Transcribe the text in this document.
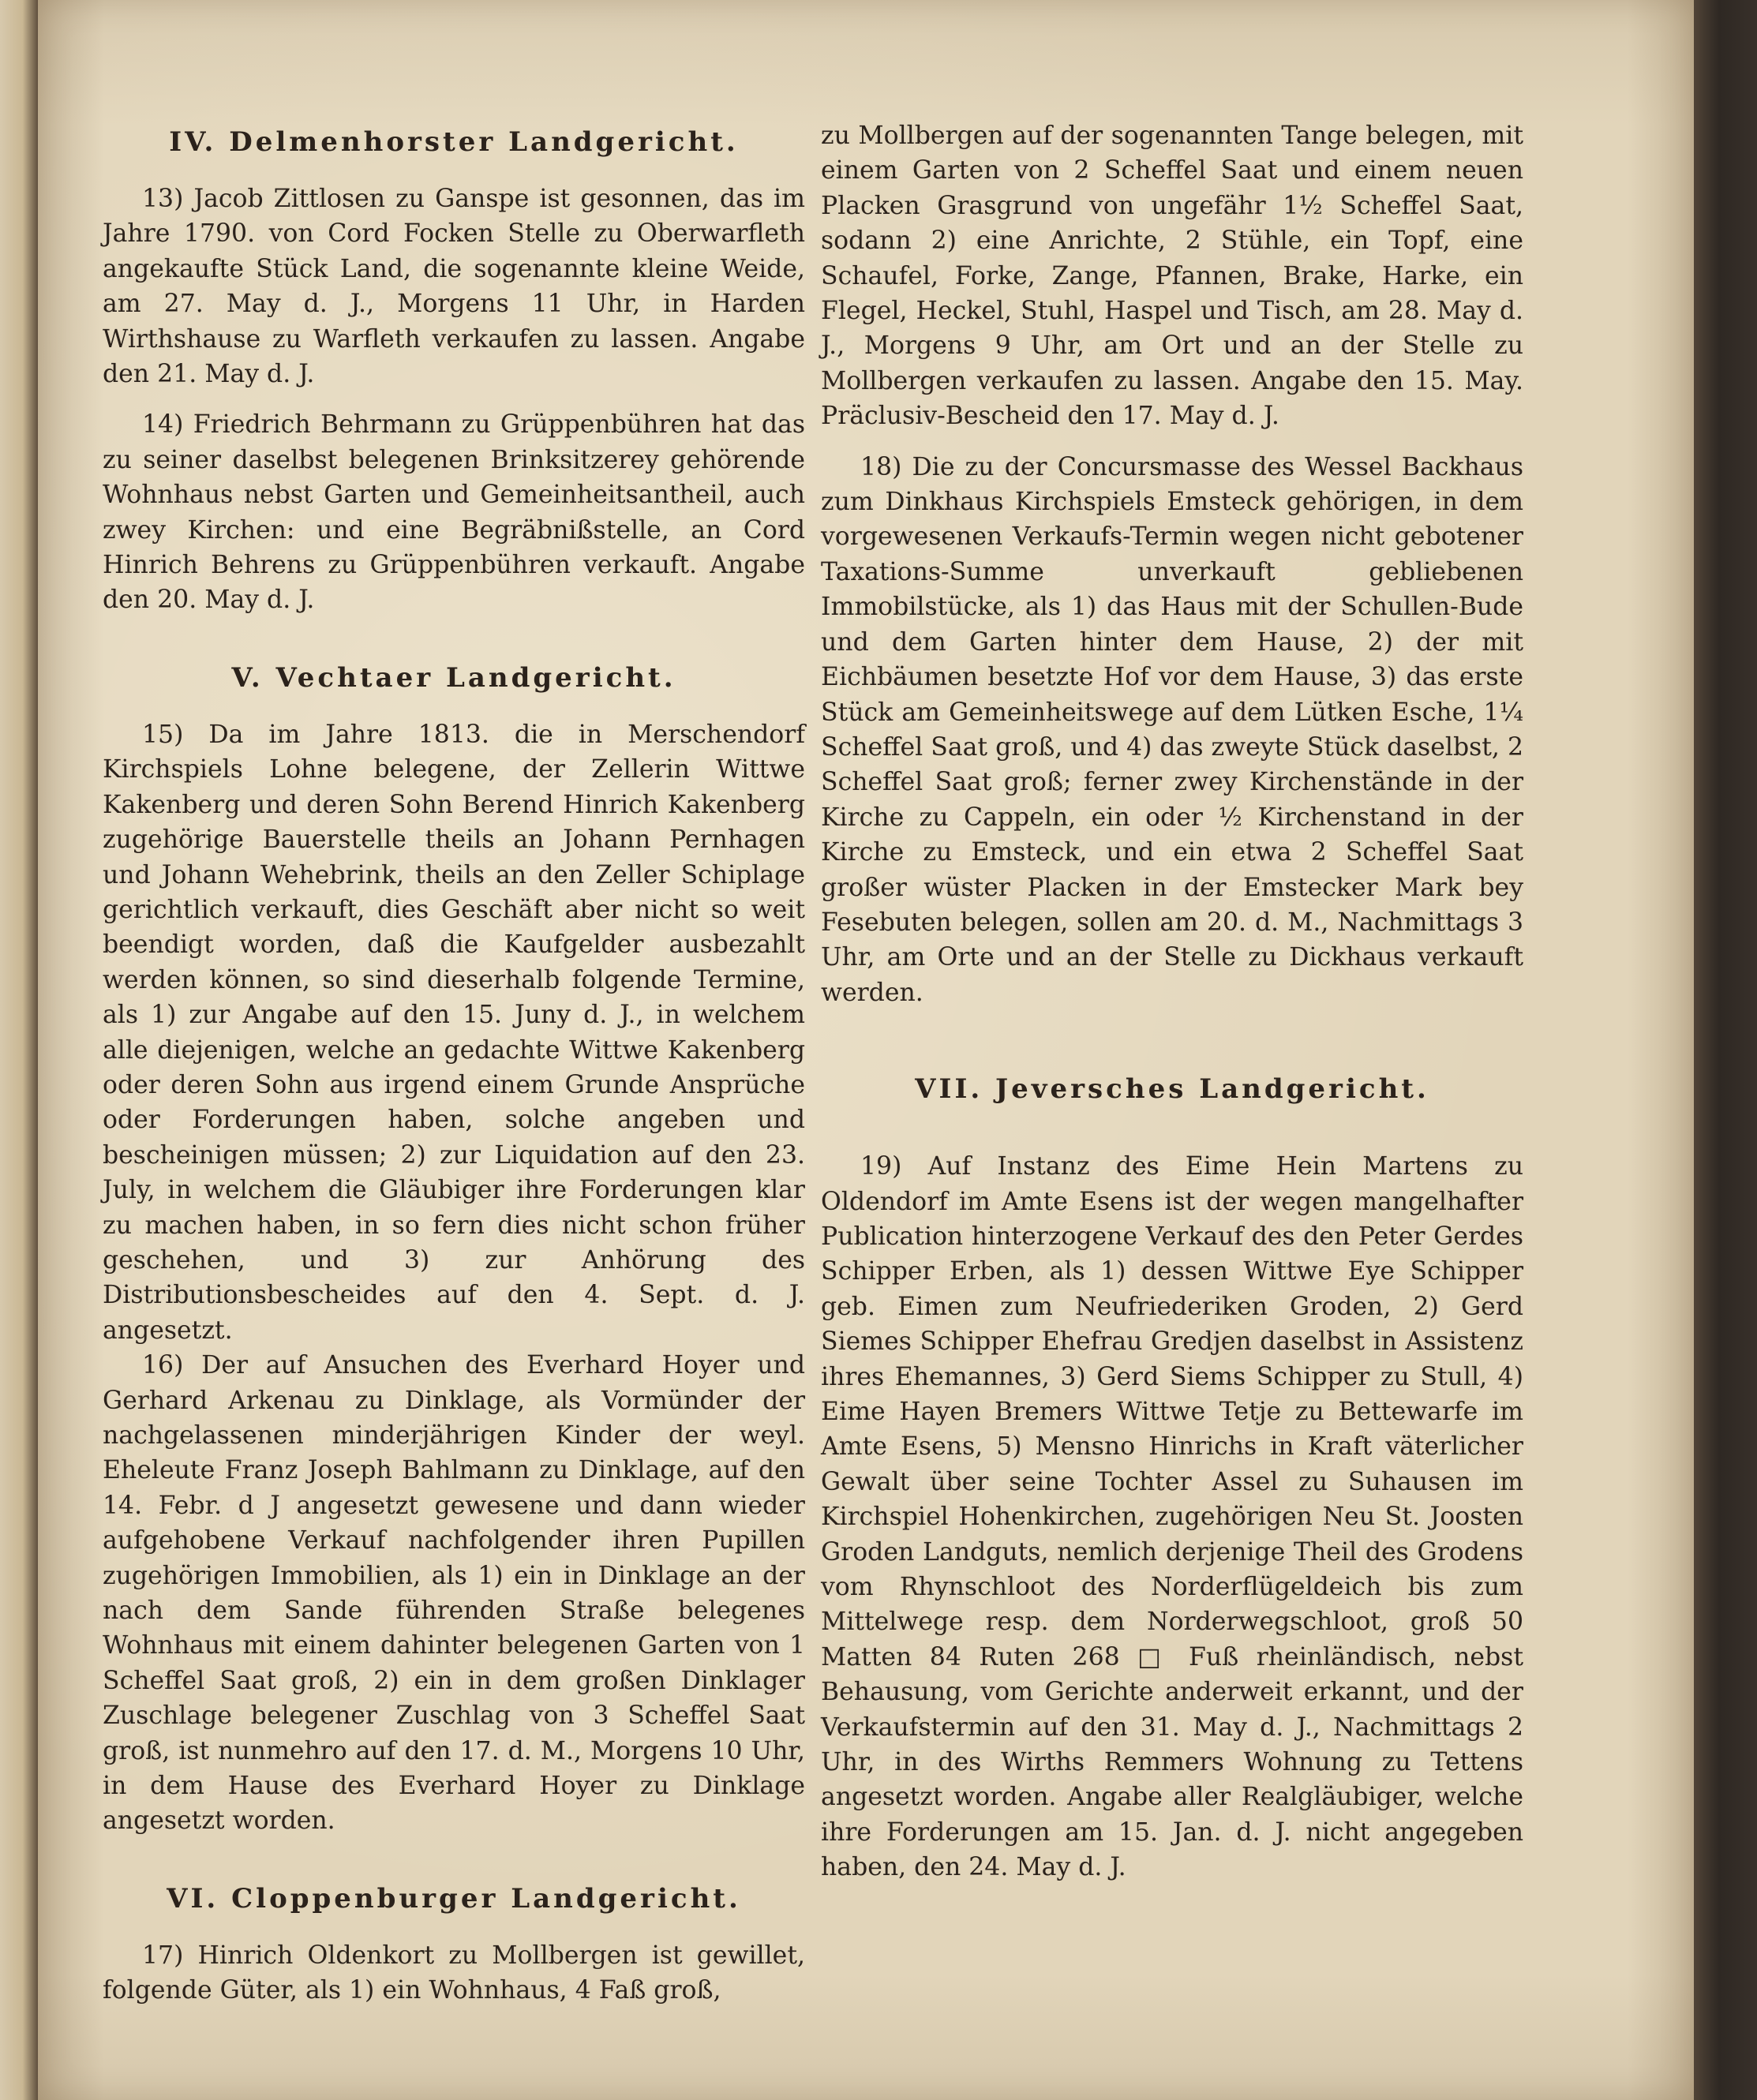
IV. Delmenhorster Landgericht.

13) Jacob Zittlosen zu Ganspe ist gesonnen, das im Jahre 1790. von Cord Focken Stelle zu Oberwarfleth angekaufte Stück Land, die sogenannte kleine Weide, am 27. May d. J., Morgens 11 Uhr, in Harden Wirthshause zu Warfleth verkaufen zu lassen. Angabe den 21. May d. J.

14) Friedrich Behrmann zu Grüppenbühren hat das zu seiner daselbst belegenen Brinksitzerey gehörende Wohnhaus nebst Garten und Gemeinheitsantheil, auch zwey Kirchen: und eine Begräbnißstelle, an Cord Hinrich Behrens zu Grüppenbühren verkauft. Angabe den 20. May d. J.

V. Vechtaer Landgericht.

15) Da im Jahre 1813. die in Merschendorf Kirchspiels Lohne belegene, der Zellerin Wittwe Kakenberg und deren Sohn Berend Hinrich Kakenberg zugehörige Bauerstelle theils an Johann Pernhagen und Johann Wehebrink, theils an den Zeller Schiplage gerichtlich verkauft, dies Geschäft aber nicht so weit beendigt worden, daß die Kaufgelder ausbezahlt werden können, so sind dieserhalb folgende Termine, als 1) zur Angabe auf den 15. Juny d. J., in welchem alle diejenigen, welche an gedachte Wittwe Kakenberg oder deren Sohn aus irgend einem Grunde Ansprüche oder Forderungen haben, solche angeben und bescheinigen müssen; 2) zur Liquidation auf den 23. July, in welchem die Gläubiger ihre Forderungen klar zu machen haben, in so fern dies nicht schon früher geschehen, und 3) zur Anhörung des Distributionsbescheides auf den 4. Sept. d. J. angesetzt.

16) Der auf Ansuchen des Everhard Hoyer und Gerhard Arkenau zu Dinklage, als Vormünder der nachgelassenen minderjährigen Kinder der weyl. Eheleute Franz Joseph Bahlmann zu Dinklage, auf den 14. Febr. d J angesetzt gewesene und dann wieder aufgehobene Verkauf nachfolgender ihren Pupillen zugehörigen Immobilien, als 1) ein in Dinklage an der nach dem Sande führenden Straße belegenes Wohnhaus mit einem dahinter belegenen Garten von 1 Scheffel Saat groß, 2) ein in dem großen Dinklager Zuschlage belegener Zuschlag von 3 Scheffel Saat groß, ist nunmehro auf den 17. d. M., Morgens 10 Uhr, in dem Hause des Everhard Hoyer zu Dinklage angesetzt worden.

VI. Cloppenburger Landgericht.

17) Hinrich Oldenkort zu Mollbergen ist gewillet, folgende Güter, als 1) ein Wohnhaus, 4 Faß groß,

zu Mollbergen auf der sogenannten Tange belegen, mit einem Garten von 2 Scheffel Saat und einem neuen Placken Grasgrund von ungefähr 1½ Scheffel Saat, sodann 2) eine Anrichte, 2 Stühle, ein Topf, eine Schaufel, Forke, Zange, Pfannen, Brake, Harke, ein Flegel, Heckel, Stuhl, Haspel und Tisch, am 28. May d. J., Morgens 9 Uhr, am Ort und an der Stelle zu Mollbergen verkaufen zu lassen. Angabe den 15. May. Präclusiv-Bescheid den 17. May d. J.

18) Die zu der Concursmasse des Wessel Backhaus zum Dinkhaus Kirchspiels Emsteck gehörigen, in dem vorgewesenen Verkaufs-Termin wegen nicht gebotener Taxations-Summe unverkauft gebliebenen Immobilstücke, als 1) das Haus mit der Schullen-Bude und dem Garten hinter dem Hause, 2) der mit Eichbäumen besetzte Hof vor dem Hause, 3) das erste Stück am Gemeinheitswege auf dem Lütken Esche, 1¼ Scheffel Saat groß, und 4) das zweyte Stück daselbst, 2 Scheffel Saat groß; ferner zwey Kirchenstände in der Kirche zu Cappeln, ein oder ½ Kirchenstand in der Kirche zu Emsteck, und ein etwa 2 Scheffel Saat großer wüster Placken in der Emstecker Mark bey Fesebuten belegen, sollen am 20. d. M., Nachmittags 3 Uhr, am Orte und an der Stelle zu Dickhaus verkauft werden.

VII. Jeversches Landgericht.

19) Auf Instanz des Eime Hein Martens zu Oldendorf im Amte Esens ist der wegen mangelhafter Publication hinterzogene Verkauf des den Peter Gerdes Schipper Erben, als 1) dessen Wittwe Eye Schipper geb. Eimen zum Neufriederiken Groden, 2) Gerd Siemes Schipper Ehefrau Gredjen daselbst in Assistenz ihres Ehemannes, 3) Gerd Siems Schipper zu Stull, 4) Eime Hayen Bremers Wittwe Tetje zu Bettewarfe im Amte Esens, 5) Mensno Hinrichs in Kraft väterlicher Gewalt über seine Tochter Assel zu Suhausen im Kirchspiel Hohenkirchen, zugehörigen Neu St. Joosten Groden Landguts, nemlich derjenige Theil des Grodens vom Rhynschloot des Norderflügeldeich bis zum Mittelwege resp. dem Norderwegschloot, groß 50 Matten 84 Ruten 268 □ Fuß rheinländisch, nebst Behausung, vom Gerichte anderweit erkannt, und der Verkaufstermin auf den 31. May d. J., Nachmittags 2 Uhr, in des Wirths Remmers Wohnung zu Tettens angesetzt worden. Angabe aller Realgläubiger, welche ihre Forderungen am 15. Jan. d. J. nicht angegeben haben, den 24. May d. J.
